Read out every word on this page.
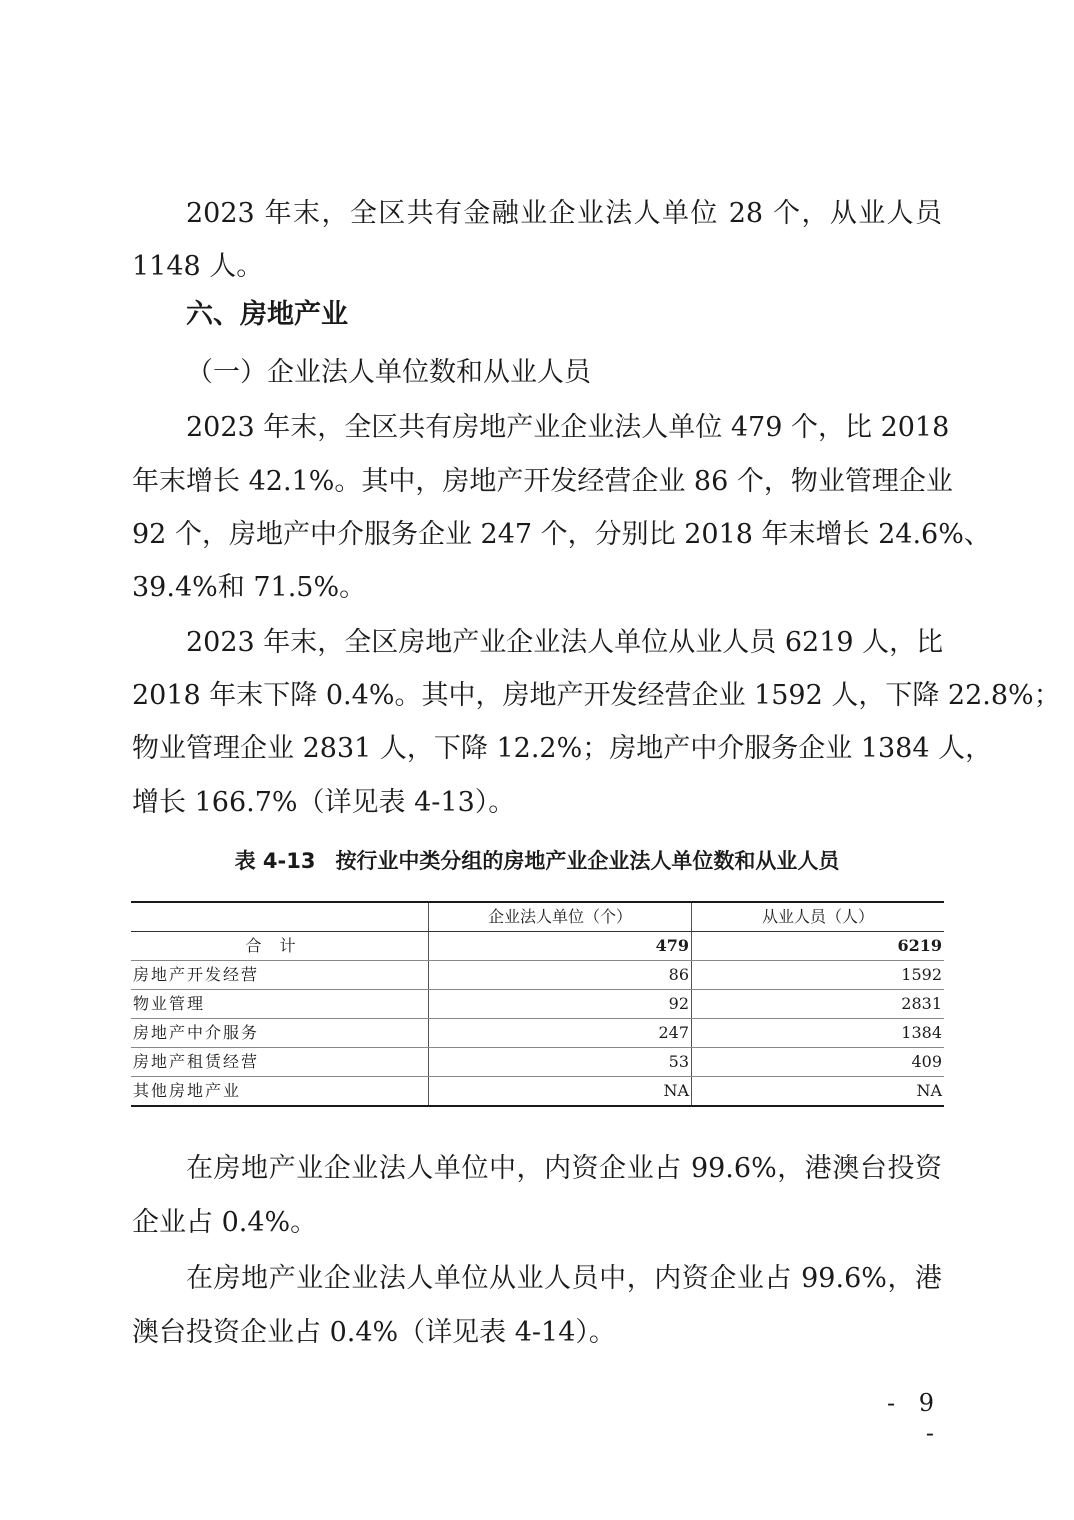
2023 年末，全区共有金融业企业法人单位 28 个，从业人员

1148 人。

六、房地产业

（一）企业法人单位数和从业人员

2023 年末，全区共有房地产业企业法人单位 479 个，比 2018

年末增长 42.1%。其中，房地产开发经营企业 86 个，物业管理企业

92 个，房地产中介服务企业 247 个，分别比 2018 年末增长 24.6%、

39.4%和 71.5%。

2023 年末，全区房地产业企业法人单位从业人员 6219 人，比

2018 年末下降 0.4%。其中，房地产开发经营企业 1592 人，下降 22.8%；

物业管理企业 2831 人，下降 12.2%；房地产中介服务企业 1384 人，

增长 166.7%（详见表 4-13）。

表 4-13 按行业中类分组的房地产业企业法人单位数和从业人员
	企业法人单位（个）	从业人员（人）
合计	479	6219
房地产开发经营	86	1592
物业管理	92	2831
房地产中介服务	247	1384
房地产租赁经营	53	409
其他房地产业	NA	NA

在房地产业企业法人单位中，内资企业占 99.6%，港澳台投资

企业占 0.4%。

在房地产业企业法人单位从业人员中，内资企业占 99.6%，港

澳台投资企业占 0.4%（详见表 4-14）。

- 9 -
